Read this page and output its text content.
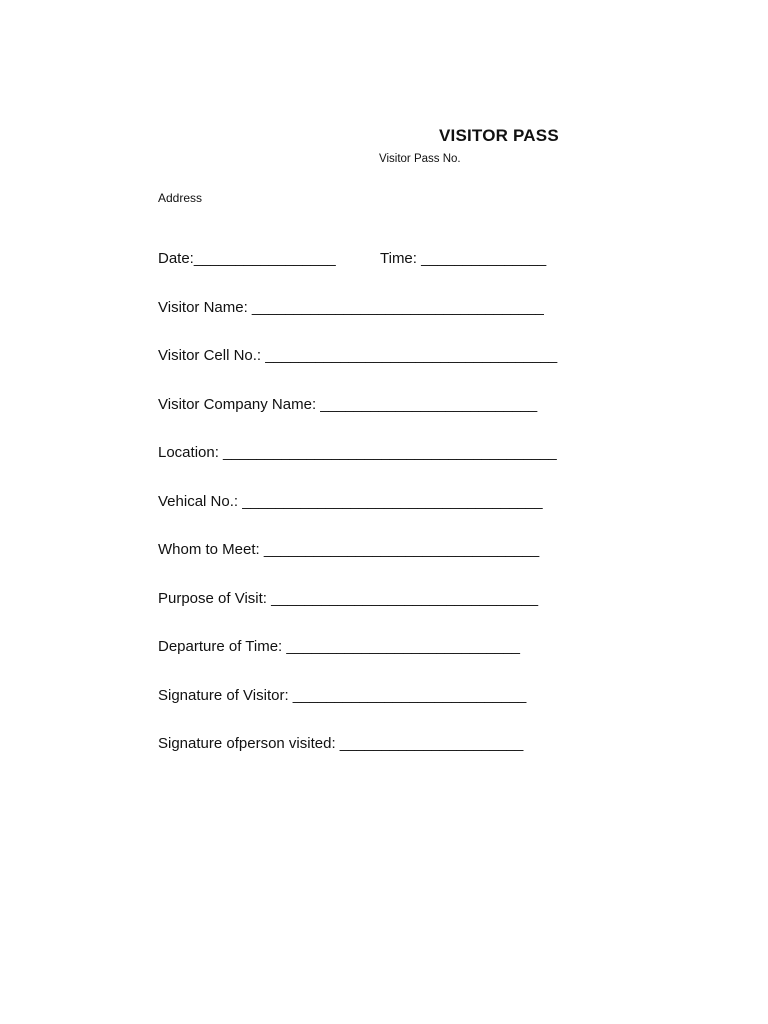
VISITOR PASS
Visitor Pass No.
Address
Date:_________________	Time: _______________
Visitor Name: ___________________________________
Visitor Cell No.: ___________________________________
Visitor Company Name: __________________________
Location: ________________________________________
Vehical No.: ____________________________________
Whom to Meet: _________________________________
Purpose of Visit: ________________________________
Departure of Time: ____________________________
Signature of Visitor: ____________________________
Signature ofperson visited: ______________________
